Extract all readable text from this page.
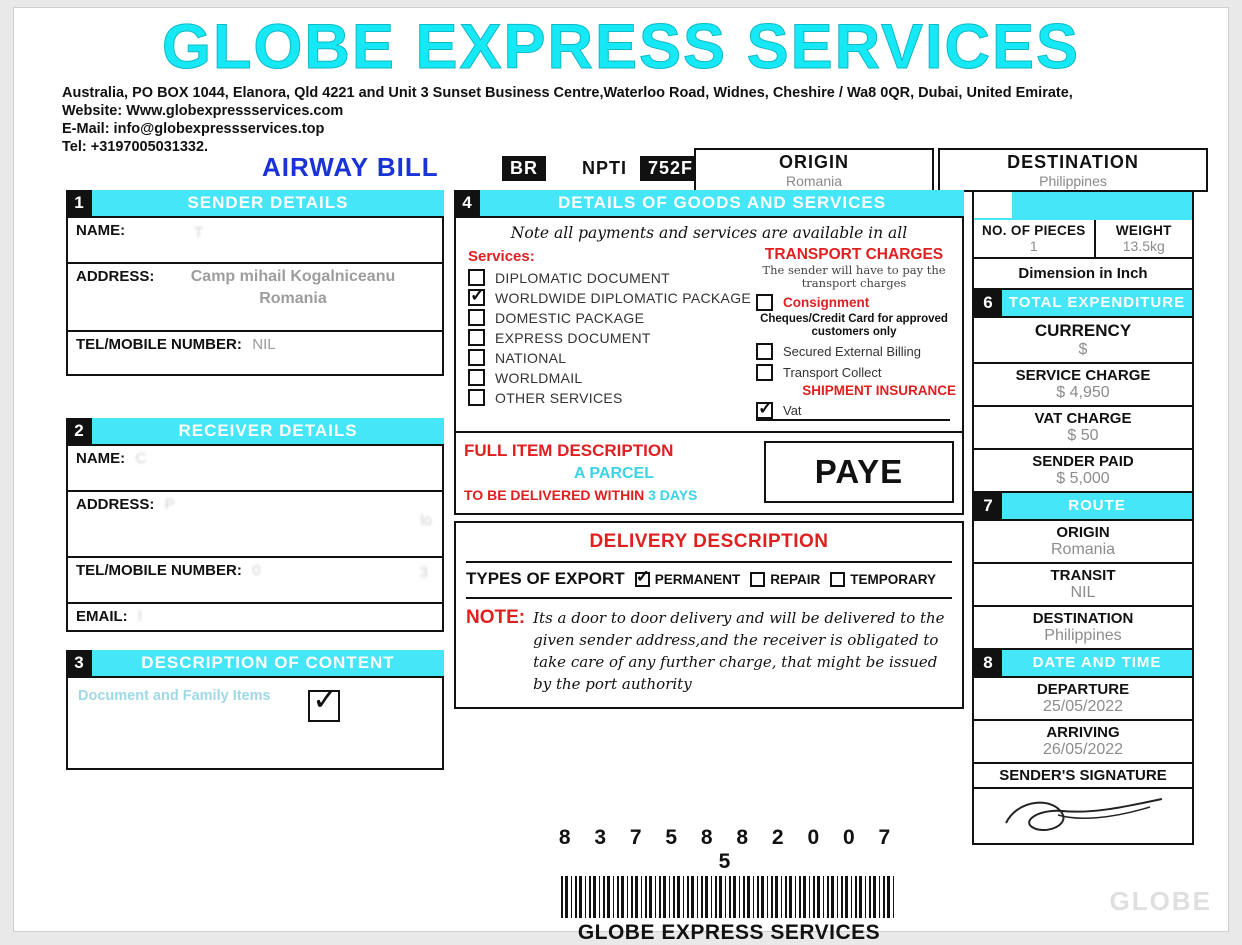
GLOBE EXPRESS SERVICES
Australia, PO BOX 1044, Elanora, Qld 4221 and Unit 3 Sunset Business Centre,Waterloo Road, Widnes, Cheshire / Wa8 0QR, Dubai, United Emirate,
Website: Www.globexpressservices.com
E-Mail: info@globexpressservices.top
Tel: +3197005031332.
AIRWAY BILL	BR	NPTI	752F	ORIGIN
Romania
DESTINATION
Philippines
1	SENDER DETAILS
NAME:	T
ADDRESS:	Camp mihail Kogalniceanu Romania
TEL/MOBILE NUMBER: NIL
2	RECEIVER DETAILS
NAME: C
ADDRESS: P
lo
TEL/MOBILE NUMBER: 0	3
EMAIL: l
3	DESCRIPTION OF CONTENT
Document and Family Items	✓
4	DETAILS OF GOODS AND SERVICES
Note all payments and services are available in all
Services:
DIPLOMATIC DOCUMENT
✓
WORLDWIDE DIPLOMATIC PACKAGE
DOMESTIC PACKAGE
EXPRESS DOCUMENT
NATIONAL
WORLDMAIL
OTHER SERVICES
TRANSPORT CHARGES
The sender will have to pay the transport charges
Consignment
Cheques/Credit Card for approved customers only
Secured External Billing
Transport Collect
SHIPMENT INSURANCE
✓
Vat
FULL ITEM DESCRIPTION
A PARCEL
TO BE DELIVERED WITHIN 3 DAYS
PAYE
DELIVERY DESCRIPTION
TYPES OF EXPORT ✓ PERMANENT REPAIR TEMPORARY
NOTE: Its a door to door delivery and will be delivered to the given sender address,and the receiver is obligated to take care of any further charge, that might be issued by the port authority
NO. OF PIECES
1
WEIGHT
13.5kg
Dimension in Inch
6	TOTAL EXPENDITURE
CURRENCY
$
SERVICE CHARGE
$ 4,950
VAT CHARGE
$ 50
SENDER PAID
$ 5,000
7	ROUTE
ORIGIN
Romania
TRANSIT
NIL
DESTINATION
Philippines
8	DATE AND TIME
DEPARTURE
25/05/2022
ARRIVING
26/05/2022
SENDER'S SIGNATURE
8 3 7 5 8 8 2 0 0 7 5
GLOBE EXPRESS SERVICES
GLOBE
